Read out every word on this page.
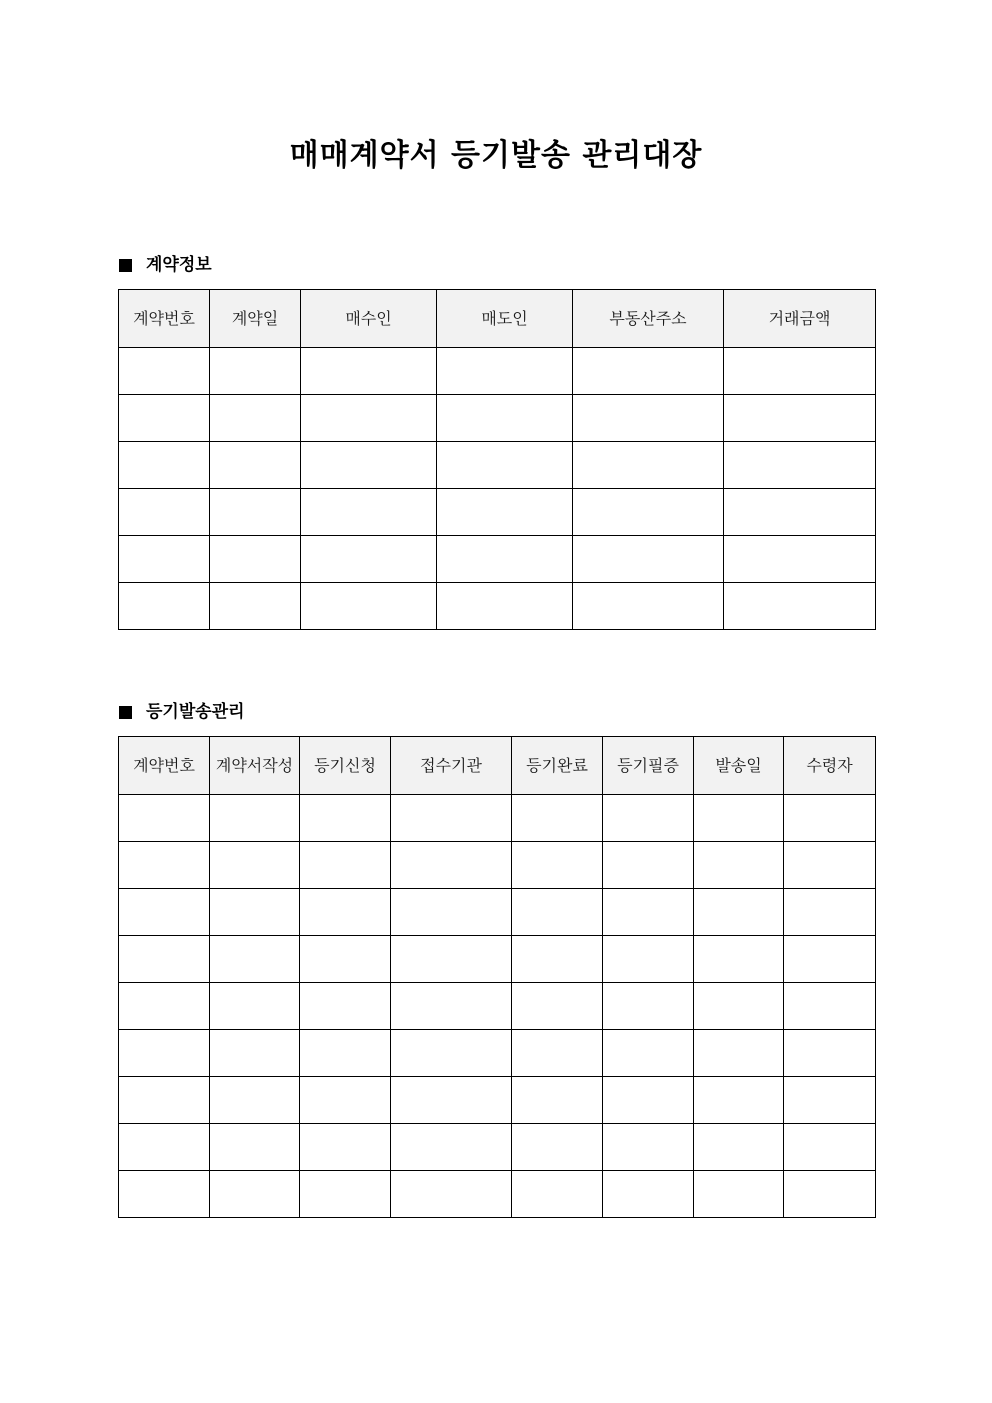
매매계약서 등기발송 관리대장
계약정보
계약번호	계약일	매수인	매도인	부동산주소	거래금액

등기발송관리
계약번호	계약서작성	등기신청	접수기관	등기완료	등기필증	발송일	수령자
